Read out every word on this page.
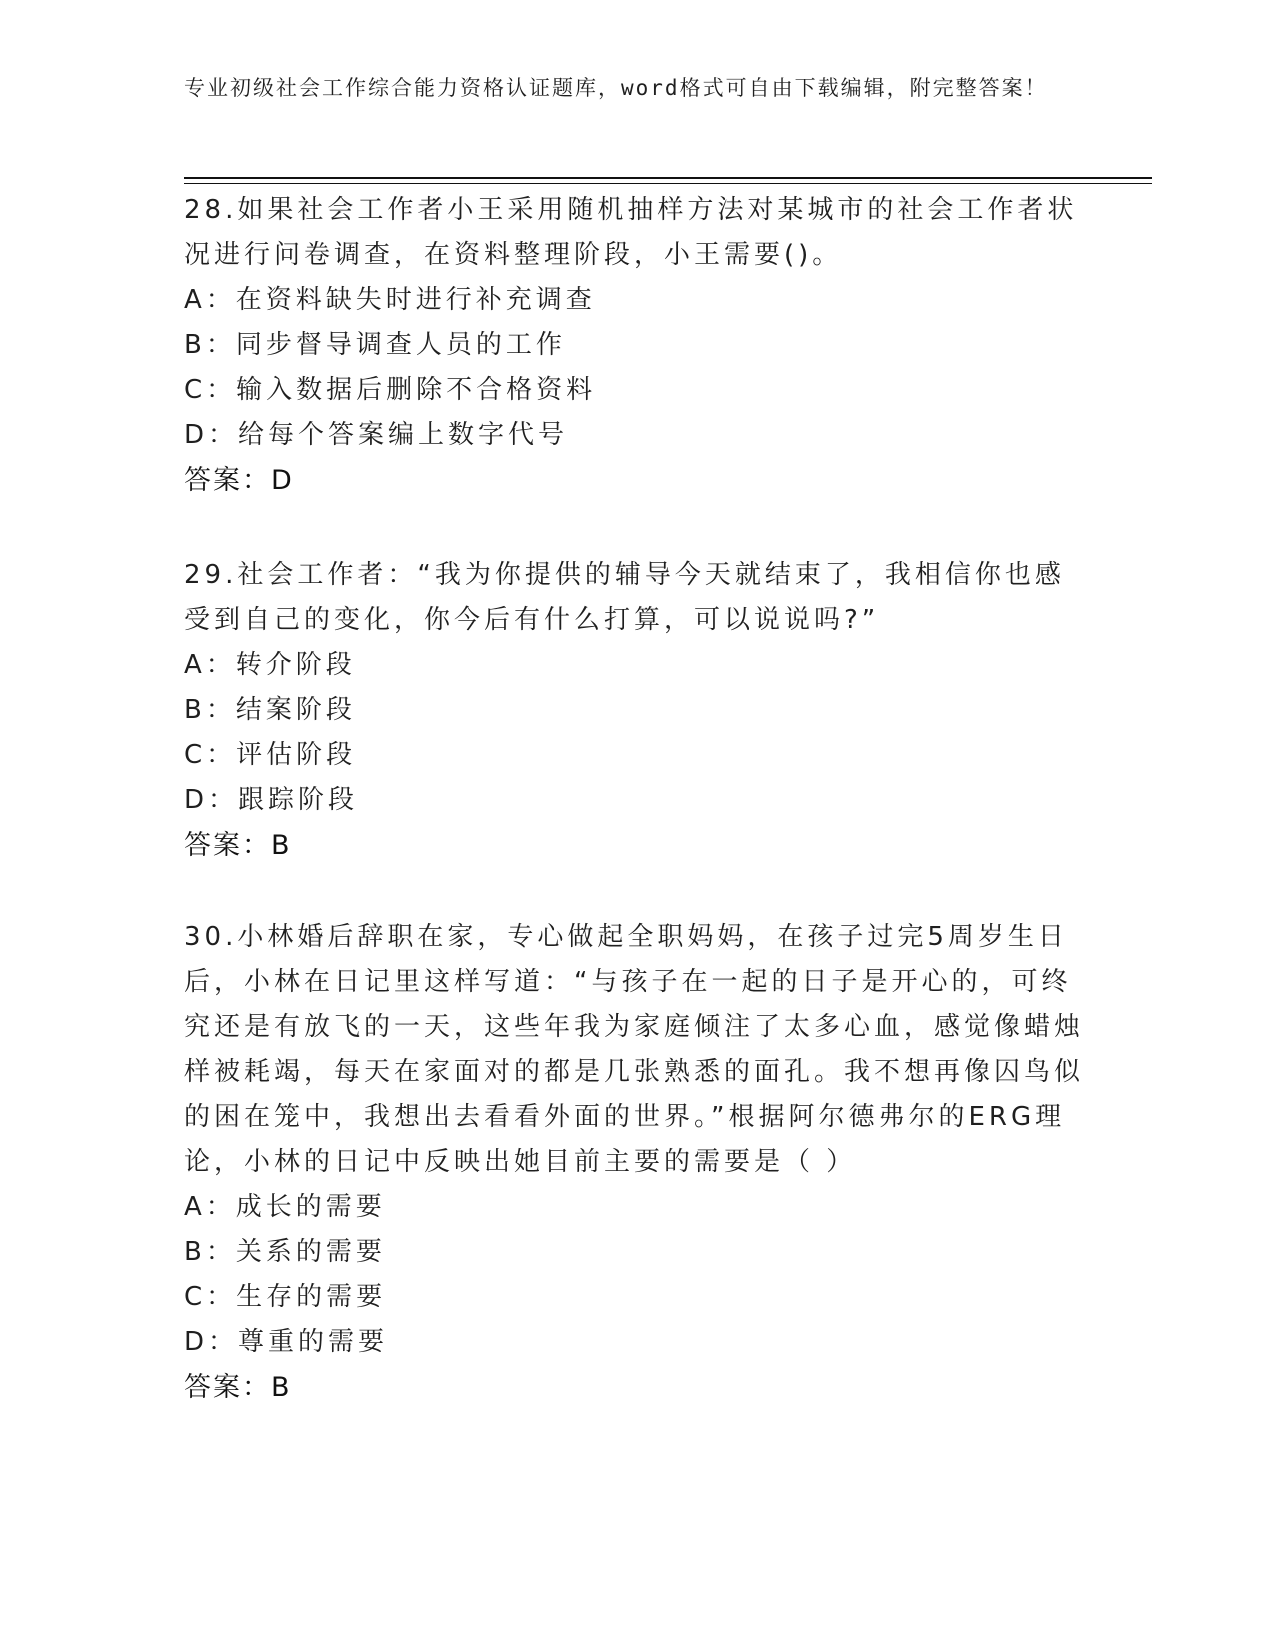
专业初级社会工作综合能力资格认证题库，word格式可自由下载编辑，附完整答案！

28.如果社会工作者小王采用随机抽样方法对某城市的社会工作者状况进行问卷调查，在资料整理阶段，小王需要()。

A：在资料缺失时进行补充调查

B：同步督导调查人员的工作

C：输入数据后删除不合格资料

D：给每个答案编上数字代号

答案：D

29.社会工作者：“我为你提供的辅导今天就结束了，我相信你也感受到自己的变化，你今后有什么打算，可以说说吗?”

A：转介阶段

B：结案阶段

C：评估阶段

D：跟踪阶段

答案：B

30.小林婚后辞职在家，专心做起全职妈妈，在孩子过完5周岁生日后，小林在日记里这样写道：“与孩子在一起的日子是开心的，可终究还是有放飞的一天，这些年我为家庭倾注了太多心血，感觉像蜡烛样被耗竭，每天在家面对的都是几张熟悉的面孔。我不想再像囚鸟似的困在笼中，我想出去看看外面的世界。”根据阿尔德弗尔的ERG理论，小林的日记中反映出她目前主要的需要是（ ）

A：成长的需要

B：关系的需要

C：生存的需要

D：尊重的需要

答案：B
